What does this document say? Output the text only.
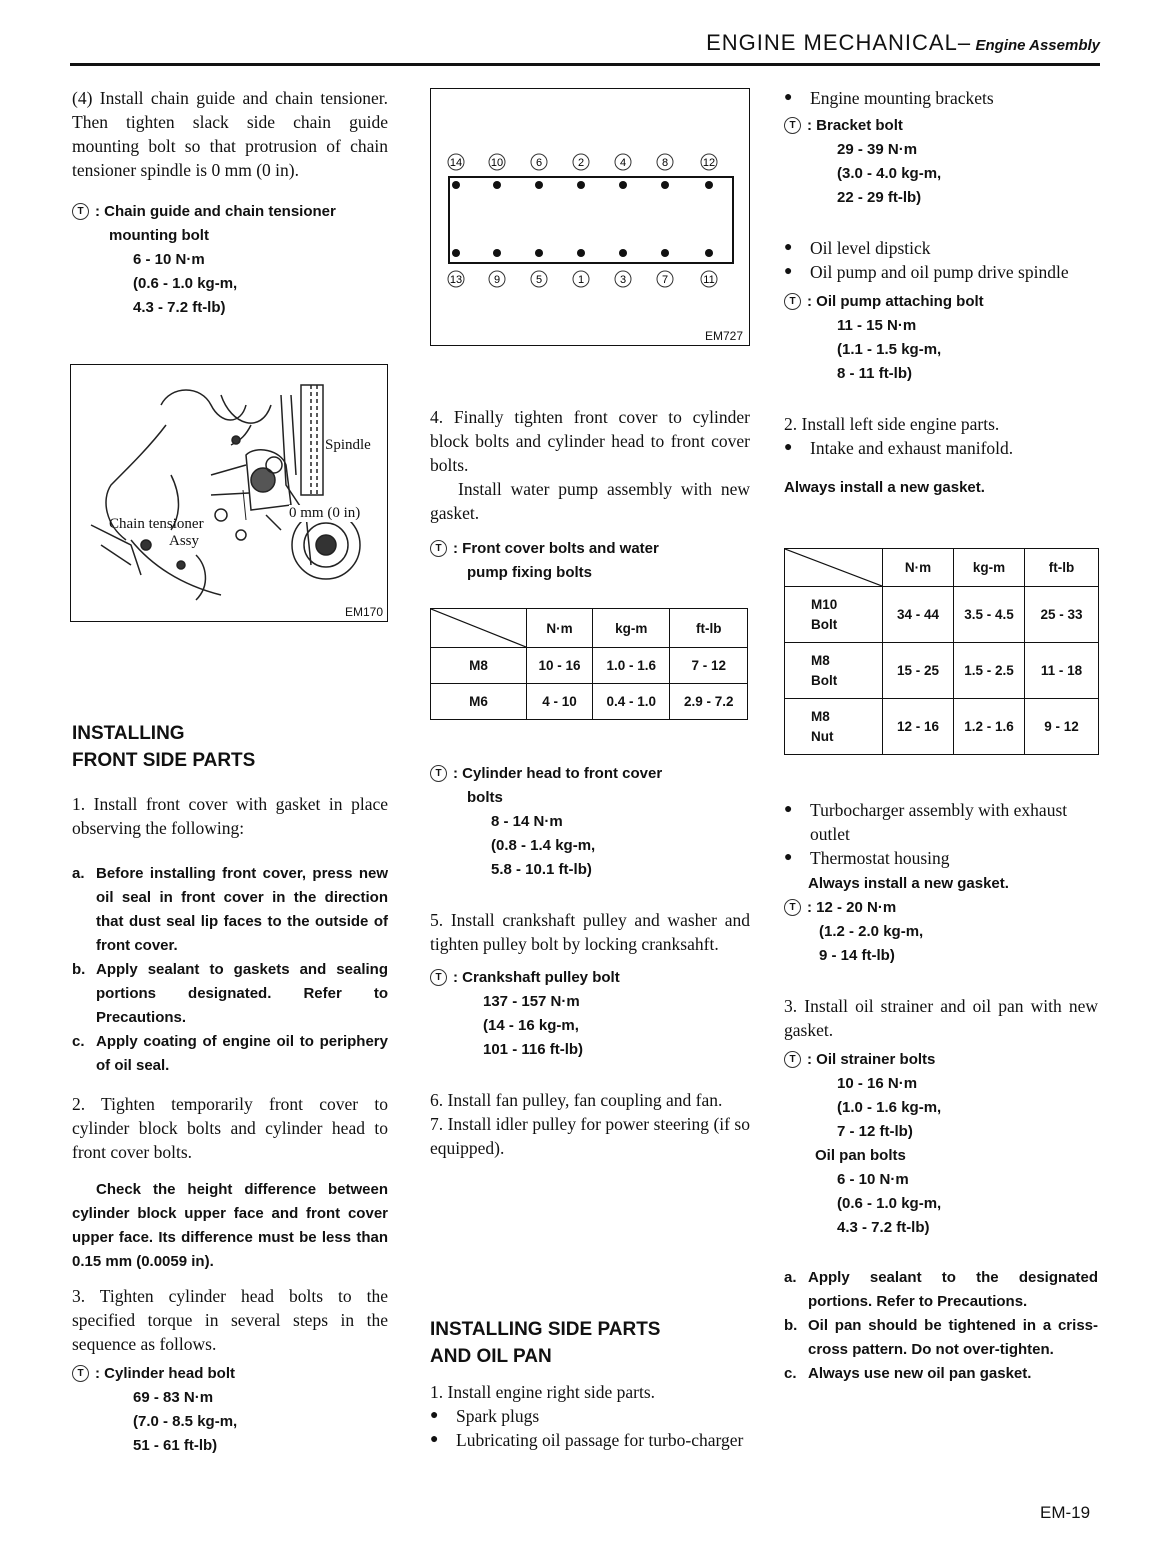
ENGINE MECHANICAL– Engine Assembly

(4) Install chain guide and chain tensioner. Then tighten slack side chain guide mounting bolt so that protrusion of chain tensioner spindle is 0 mm (0 in).

T : Chain guide and chain tensioner
mounting bolt
6 - 10 N·m
(0.6 - 1.0 kg-m,
4.3 - 7.2 ft-lb)
Spindle
Chain tensioner
Assy
0 mm (0 in)
EM170

INSTALLING
FRONT SIDE PARTS

1. Install front cover with gasket in place observing the following:

a. Before installing front cover, press new oil seal in front cover in the direction that dust seal lip faces to the outside of front cover.
b. Apply sealant to gaskets and sealing portions designated. Refer to Precautions.
c. Apply coating of engine oil to periphery of oil seal.

2. Tighten temporarily front cover to cylinder block bolts and cylinder head to front cover bolts.

Check the height difference between cylinder block upper face and front cover upper face. Its difference must be less than 0.15 mm (0.0059 in).

3. Tighten cylinder head bolts to the specified torque in several steps in the sequence as follows.

T : Cylinder head bolt
69 - 83 N·m
(7.0 - 8.5 kg-m,
51 - 61 ft-lb)
14	10	6	2	4	8	12
13	9	5	1	3	7	11
EM727

4. Finally tighten front cover to cylinder block bolts and cylinder head to front cover bolts.

Install water pump assembly with new gasket.

T : Front cover bolts and water
pump fixing bolts
	N·m	kg-m	ft-lb
M8	10 - 16	1.0 - 1.6	7 - 12
M6	4 - 10	0.4 - 1.0	2.9 - 7.2
T : Cylinder head to front cover
bolts
8 - 14 N·m
(0.8 - 1.4 kg-m,
5.8 - 10.1 ft-lb)

5. Install crankshaft pulley and washer and tighten pulley bolt by locking cranksahft.

T : Crankshaft pulley bolt
137 - 157 N·m
(14 - 16 kg-m,
101 - 116 ft-lb)

6. Install fan pulley, fan coupling and fan.

7. Install idler pulley for power steering (if so equipped).

INSTALLING SIDE PARTS
AND OIL PAN

1. Install engine right side parts.

●	Spark plugs
●	Lubricating oil passage for turbo-charger
●	Engine mounting brackets
T : Bracket bolt
29 - 39 N·m
(3.0 - 4.0 kg-m,
22 - 29 ft-lb)
●	Oil level dipstick
●	Oil pump and oil pump drive spindle
T : Oil pump attaching bolt
11 - 15 N·m
(1.1 - 1.5 kg-m,
8 - 11 ft-lb)

2. Install left side engine parts.

●	Intake and exhaust manifold.

Always install a new gasket.

	N·m	kg-m	ft-lb
M10
Bolt	34 - 44	3.5 - 4.5	25 - 33
M8
Bolt	15 - 25	1.5 - 2.5	11 - 18
M8
Nut	12 - 16	1.2 - 1.6	9 - 12
●	Turbocharger assembly with exhaust outlet
●	Thermostat housing

Always install a new gasket.

T : 12 - 20 N·m
(1.2 - 2.0 kg-m,
9 - 14 ft-lb)

3. Install oil strainer and oil pan with new gasket.

T : Oil strainer bolts
10 - 16 N·m
(1.0 - 1.6 kg-m,
7 - 12 ft-lb)
Oil pan bolts
6 - 10 N·m
(0.6 - 1.0 kg-m,
4.3 - 7.2 ft-lb)
a. Apply sealant to the designated portions. Refer to Precautions.
b. Oil pan should be tightened in a criss-cross pattern. Do not over-tighten.
c. Always use new oil pan gasket.
EM-19
